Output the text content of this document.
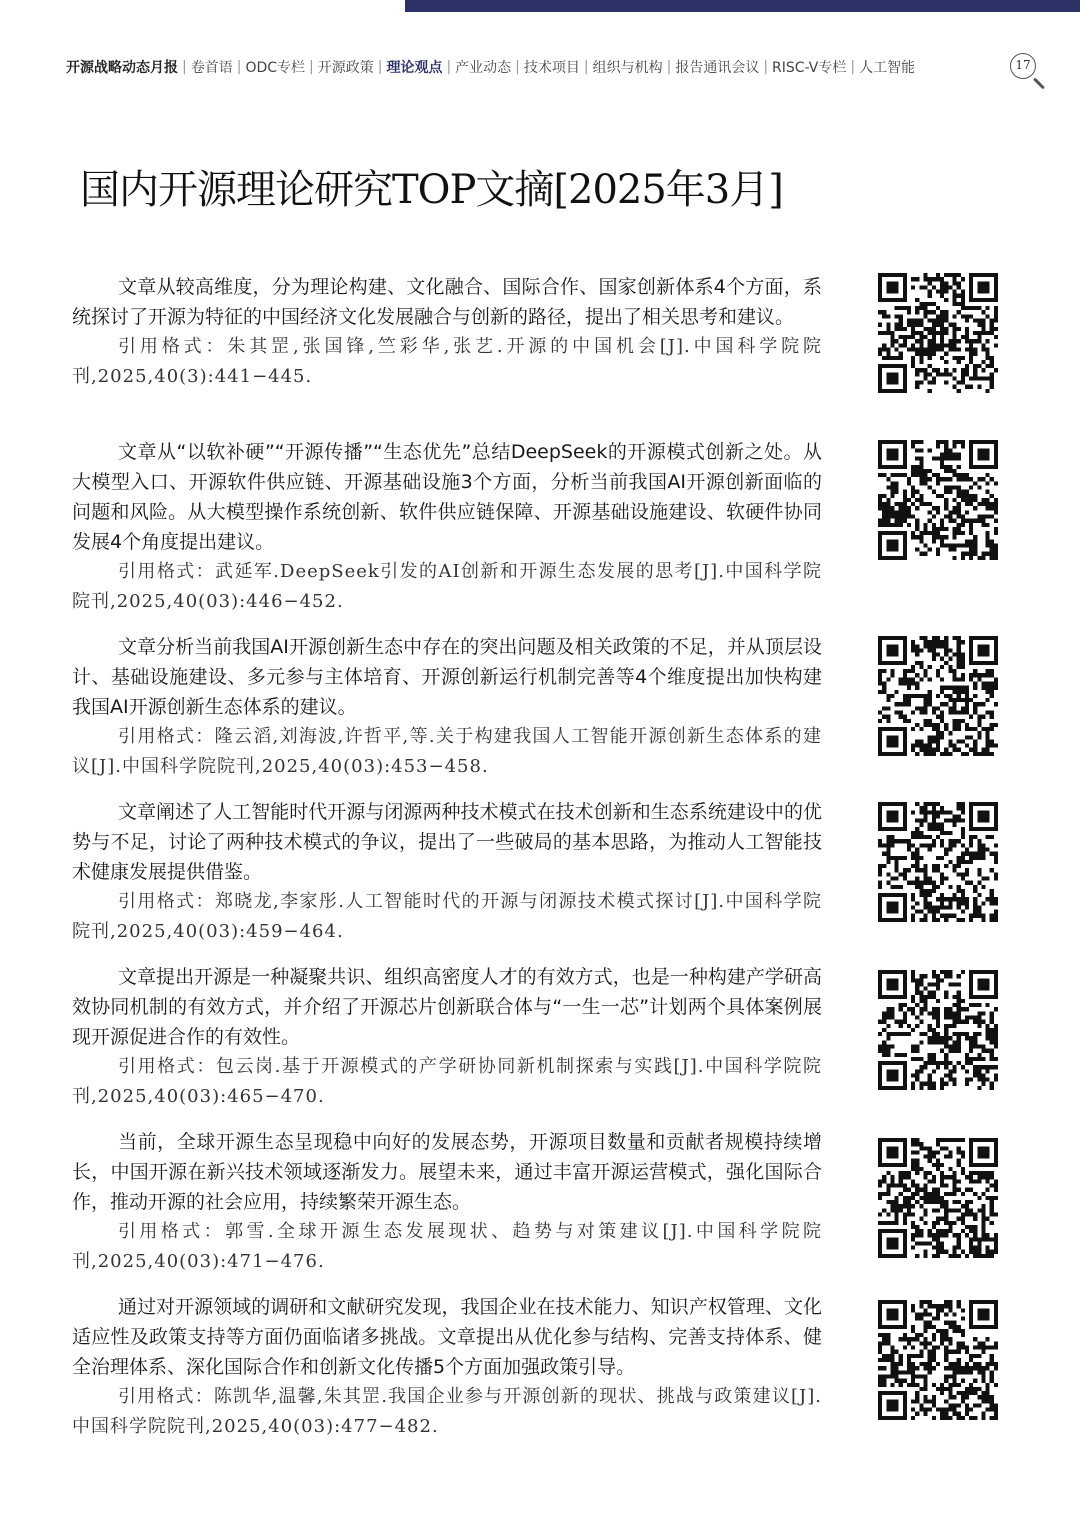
开源战略动态月报 | 卷首语 | ODC专栏 | 开源政策 | 理论观点 | 产业动态 | 技术项目 | 组织与机构 | 报告通讯会议 | RISC-V专栏 | 人工智能	17
国内开源理论研究TOP文摘[2025年3月]

文章从较高维度，分为理论构建、文化融合、国际合作、国家创新体系4个方面，系统探讨了开源为特征的中国经济文化发展融合与创新的路径，提出了相关思考和建议。

引用格式：朱其罡,张国锋,竺彩华,张艺.开源的中国机会[J].中国科学院院刊,2025,40(3):441−445.

文章从“以软补硬”“开源传播”“生态优先”总结DeepSeek的开源模式创新之处。从大模型入口、开源软件供应链、开源基础设施3个方面，分析当前我国AI开源创新面临的问题和风险。从大模型操作系统创新、软件供应链保障、开源基础设施建设、软硬件协同发展4个角度提出建议。

引用格式：武延军.DeepSeek引发的AI创新和开源生态发展的思考[J].中国科学院院刊,2025,40(03):446−452.

文章分析当前我国AI开源创新生态中存在的突出问题及相关政策的不足，并从顶层设计、基础设施建设、多元参与主体培育、开源创新运行机制完善等4个维度提出加快构建我国AI开源创新生态体系的建议。

引用格式：隆云滔,刘海波,许哲平,等.关于构建我国人工智能开源创新生态体系的建议[J].中国科学院院刊,2025,40(03):453−458.

文章阐述了人工智能时代开源与闭源两种技术模式在技术创新和生态系统建设中的优势与不足，讨论了两种技术模式的争议，提出了一些破局的基本思路，为推动人工智能技术健康发展提供借鉴。

引用格式：郑晓龙,李家彤.人工智能时代的开源与闭源技术模式探讨[J].中国科学院院刊,2025,40(03):459−464.

文章提出开源是一种凝聚共识、组织高密度人才的有效方式，也是一种构建产学研高效协同机制的有效方式，并介绍了开源芯片创新联合体与“一生一芯”计划两个具体案例展现开源促进合作的有效性。

引用格式：包云岗.基于开源模式的产学研协同新机制探索与实践[J].中国科学院院刊,2025,40(03):465−470.

当前，全球开源生态呈现稳中向好的发展态势，开源项目数量和贡献者规模持续增长，中国开源在新兴技术领域逐渐发力。展望未来，通过丰富开源运营模式，强化国际合作，推动开源的社会应用，持续繁荣开源生态。

引用格式：郭雪.全球开源生态发展现状、趋势与对策建议[J].中国科学院院刊,2025,40(03):471−476.

通过对开源领域的调研和文献研究发现，我国企业在技术能力、知识产权管理、文化适应性及政策支持等方面仍面临诸多挑战。文章提出从优化参与结构、完善支持体系、健全治理体系、深化国际合作和创新文化传播5个方面加强政策引导。

引用格式：陈凯华,温馨,朱其罡.我国企业参与开源创新的现状、挑战与政策建议[J].中国科学院院刊,2025,40(03):477−482.
